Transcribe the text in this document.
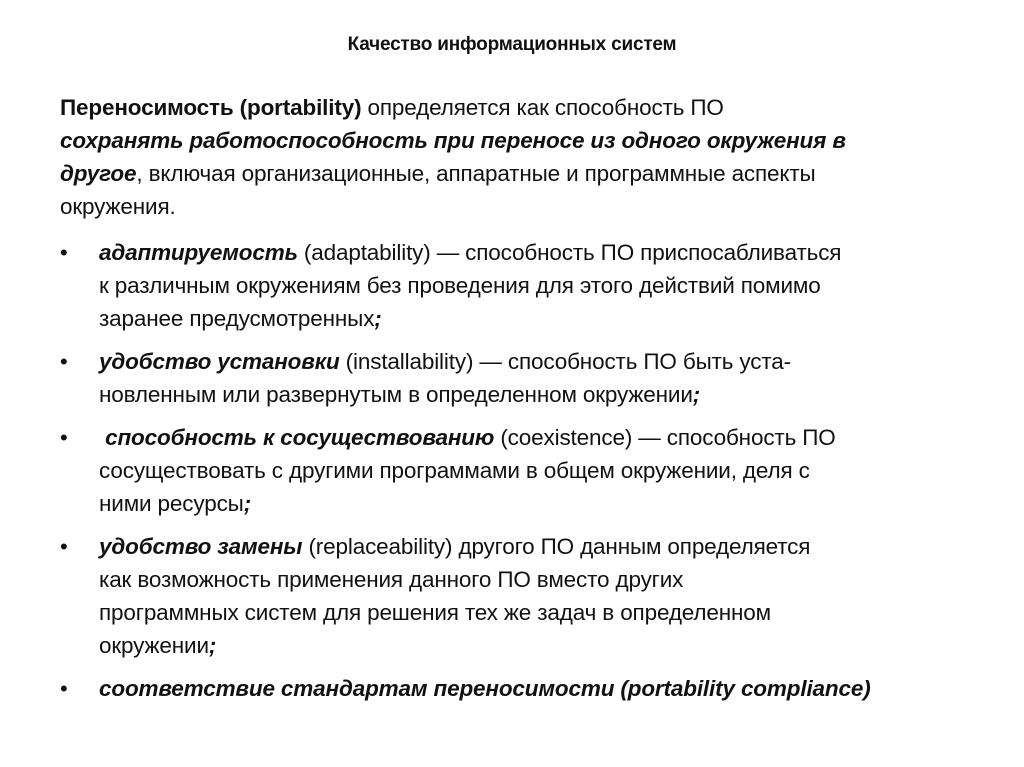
Качество информационных систем
Переносимость (portability) определяется как способность ПО
сохранять работоспособность при переносе из одного окружения в
другое, включая организационные, аппаратные и программные аспекты
окружения.
• адаптируемость (adaptability) — способность ПО приспосабливаться
к различным окружениям без проведения для этого действий помимо
заранее предусмотренных;
• удобство установки (installability) — способность ПО быть уста-
новленным или развернутым в определенном окружении;
• способность к сосуществованию (coexistence) — способность ПО
сосуществовать с другими программами в общем окружении, деля с
ними ресурсы;
• удобство замены (replaceability) другого ПО данным определяется
как возможность применения данного ПО вместо других
программных систем для решения тех же задач в определенном
окружении;
• соответствие стандартам переносимости (portability compliance)
